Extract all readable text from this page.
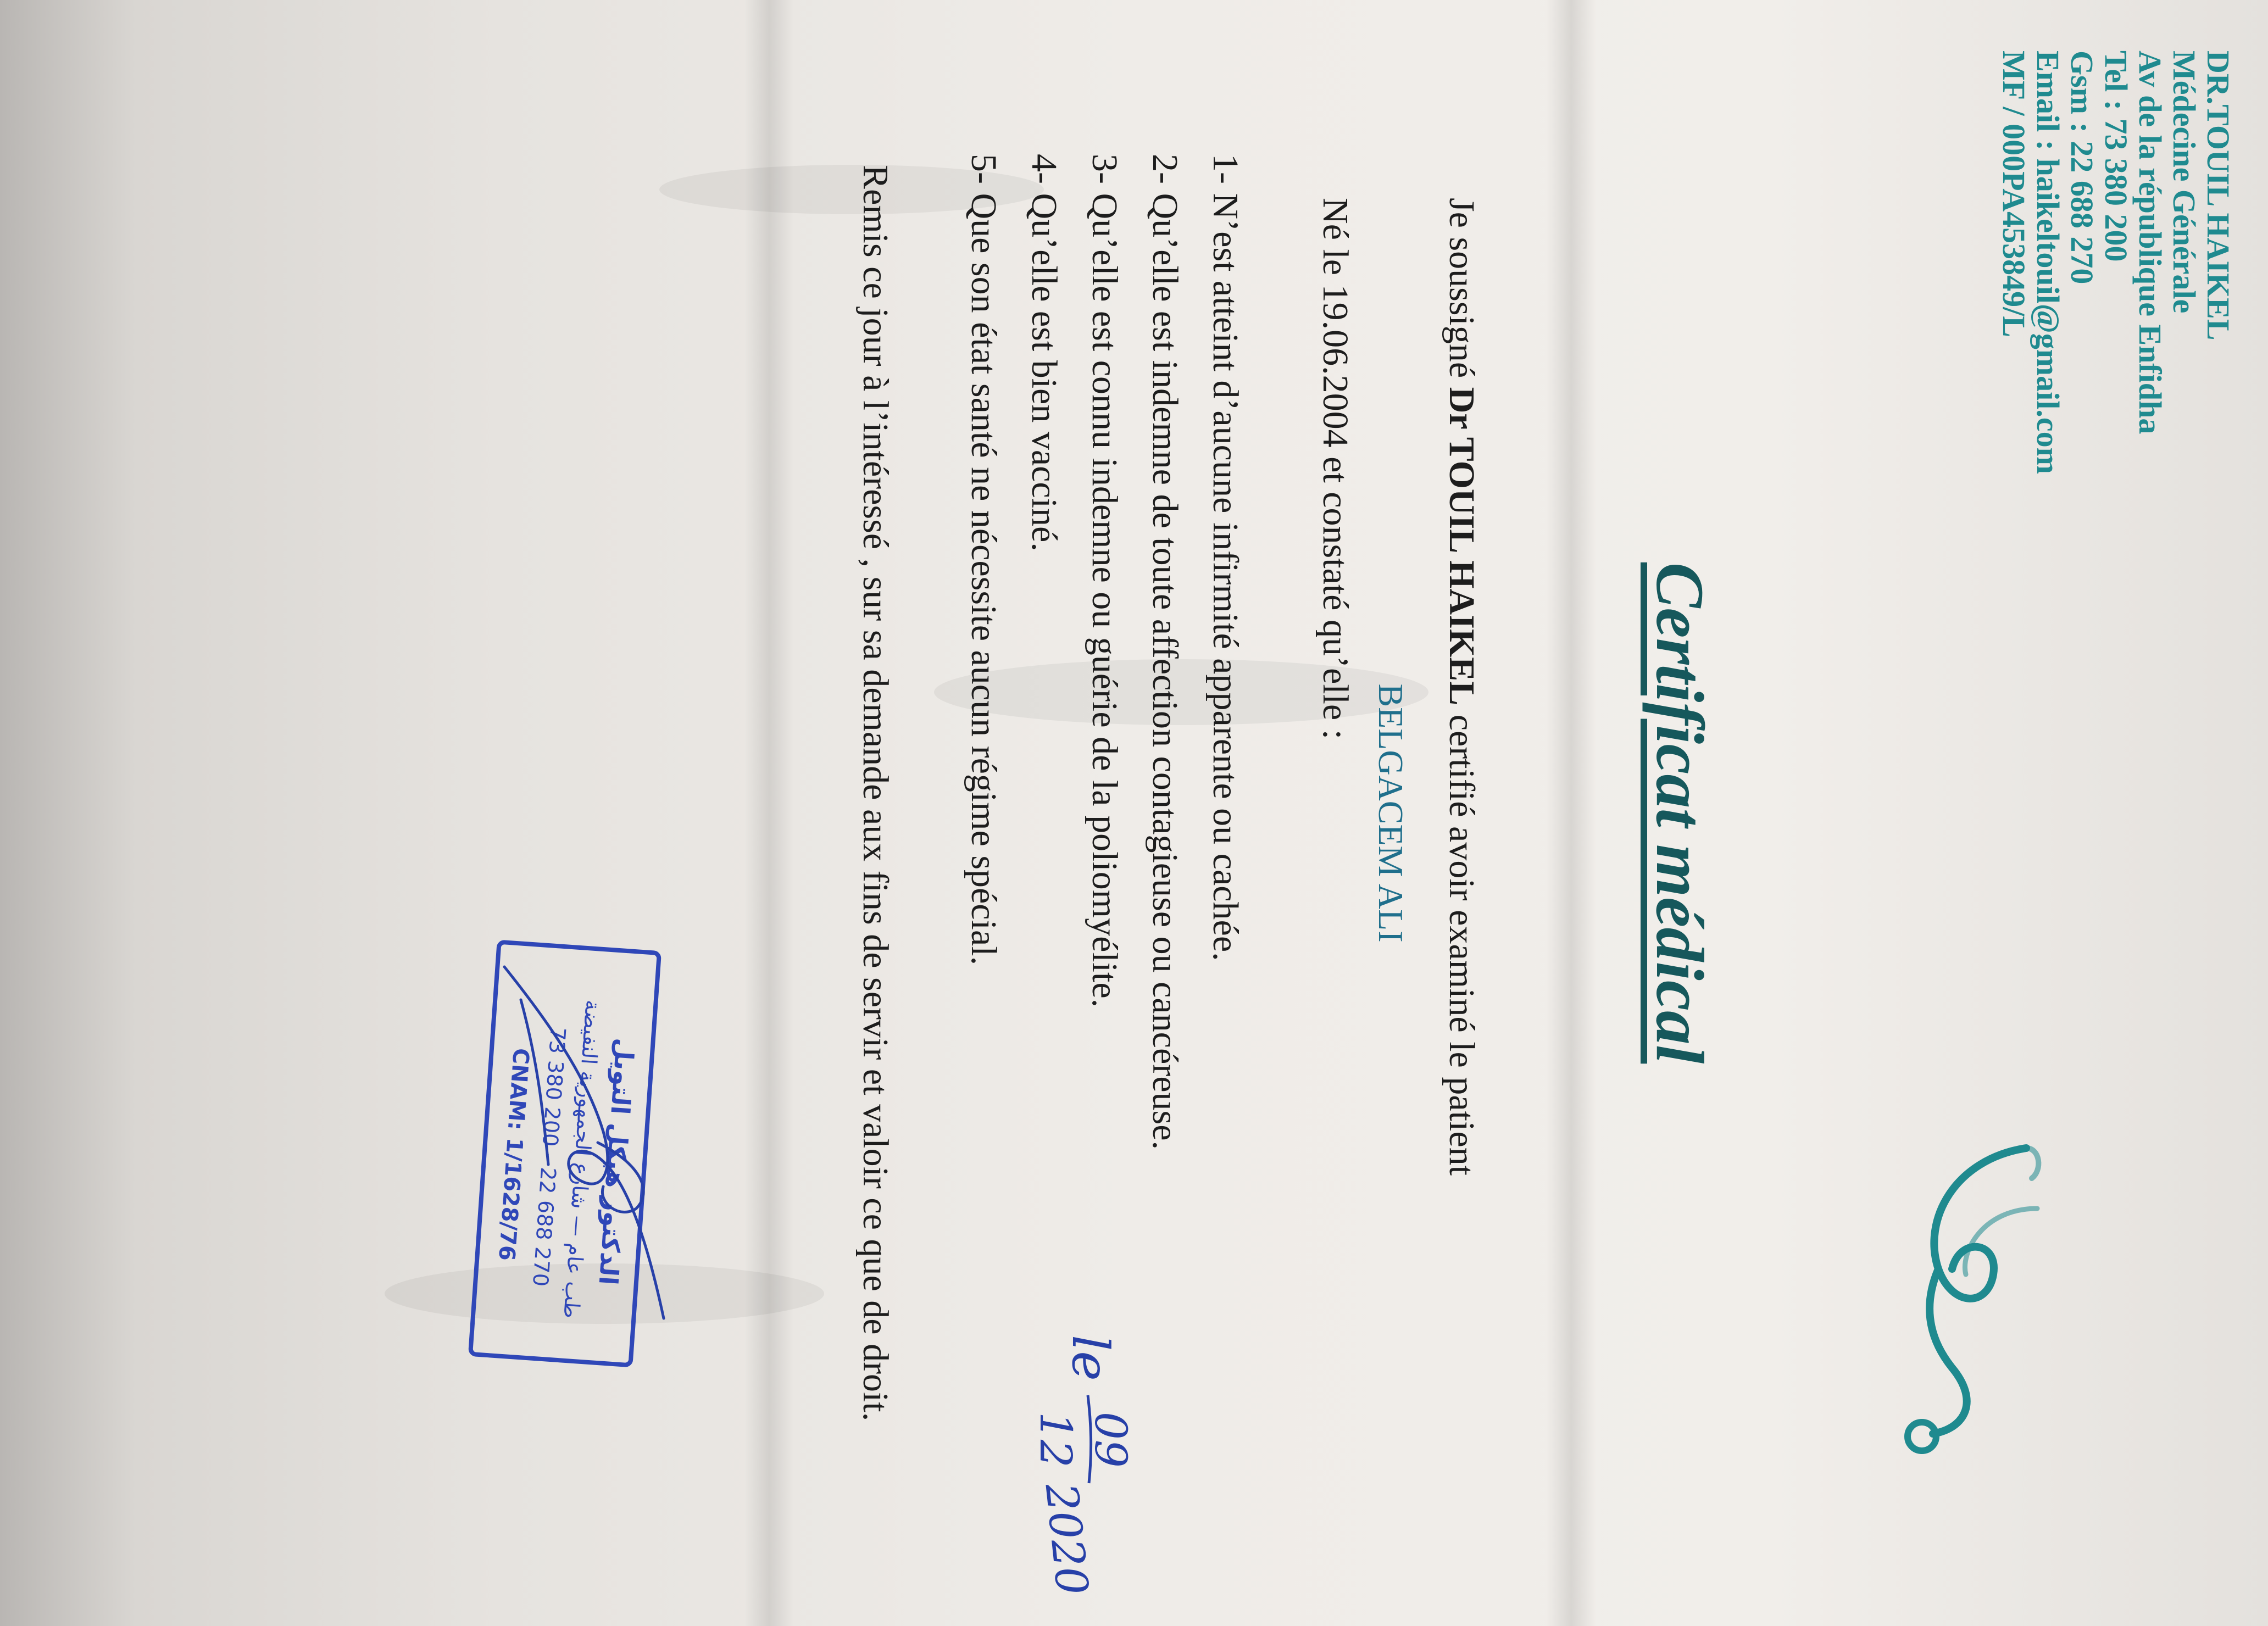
DR.TOUIL HAIKEL
Médecine Générale
Av de la république Enfidha
Tel : 73 380 200
Gsm : 22 688 270
Email : haikeltouil@gmail.com
MF / 000PA453849/L
Certificat médical
Je soussigné Dr TOUIL HAIKEL certifié avoir examiné le patient
BELGACEM ALI
Né le 19.06.2004 et constaté qu’elle :
1- N’est atteint d’aucune infirmité apparente ou cachée.
2- Qu’elle est indemne de toute affection contagieuse ou cancéreuse.
3- Qu’elle est connu indemne ou guérie de la poliomyélite.
4- Qu’elle est bien vacciné.
5- Que son état santé ne nécessite aucun régime spécial.
Remis ce jour à l’intéressé , sur sa demande aux fins de servir et valoir ce que de droit.
الدكتور هيكل التويل
طب عام — شارع الجمهورية النفيضة
73 380 200 - 22 688 270
CNAM: 1/1628/76
le
09
12
2020
